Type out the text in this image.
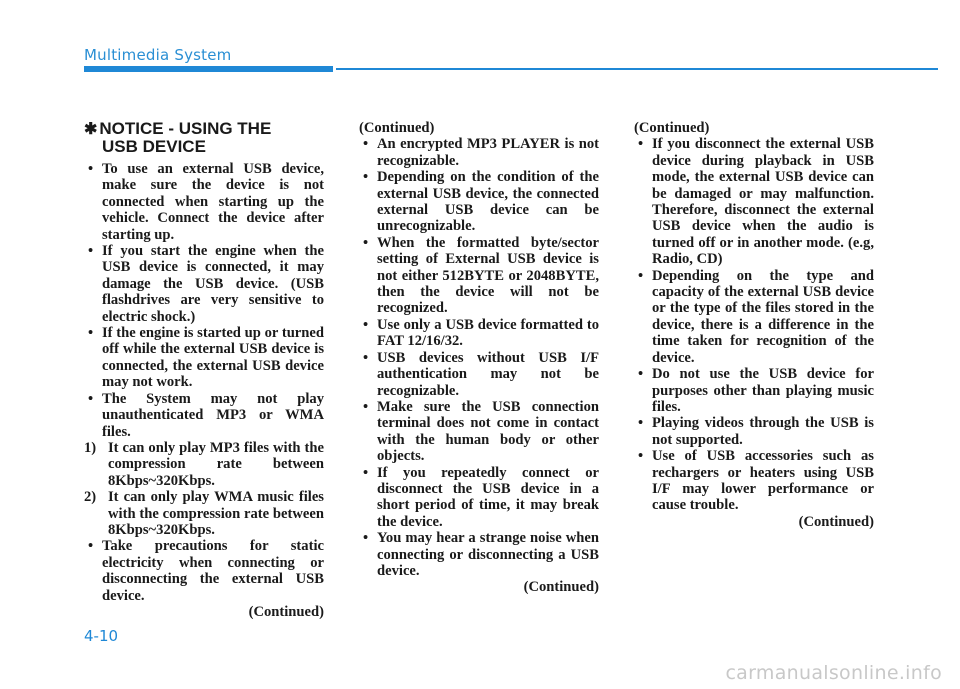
Multimedia System
✱ NOTICE - USING THE
USB DEVICE
• To use an external USB device, make sure the device is not connected when starting up the vehicle. Connect the device after starting up.
• If you start the engine when the USB device is connected, it may damage the USB device. (USB flashdrives are very sensitive to electric shock.)
• If the engine is started up or turned off while the external USB device is connected, the external USB device may not work.
• The System may not play unauthenticated MP3 or WMA files.
1) It can only play MP3 files with the compression rate between 8Kbps~320Kbps.
2) It can only play WMA music files with the compression rate between 8Kbps~320Kbps.
• Take precautions for static electricity when connecting or disconnecting the external USB device.

(Continued)

(Continued)

• An encrypted MP3 PLAYER is not recognizable.
• Depending on the condition of the external USB device, the connected external USB device can be unrecognizable.
• When the formatted byte/sector setting of External USB device is not either 512BYTE or 2048BYTE, then the device will not be recognized.
• Use only a USB device formatted to FAT 12/16/32.
• USB devices without USB I/F authentication may not be recognizable.
• Make sure the USB connection terminal does not come in contact with the human body or other objects.
• If you repeatedly connect or disconnect the USB device in a short period of time, it may break the device.
• You may hear a strange noise when connecting or disconnecting a USB device.

(Continued)

(Continued)

• If you disconnect the external USB device during playback in USB mode, the external USB device can be damaged or may malfunction. Therefore, disconnect the external USB device when the audio is turned off or in another mode. (e.g, Radio, CD)
• Depending on the type and capacity of the external USB device or the type of the files stored in the device, there is a difference in the time taken for recognition of the device.
• Do not use the USB device for purposes other than playing music files.
• Playing videos through the USB is not supported.
• Use of USB accessories such as rechargers or heaters using USB I/F may lower performance or cause trouble.

(Continued)

4-10
carmanualsonline.info
